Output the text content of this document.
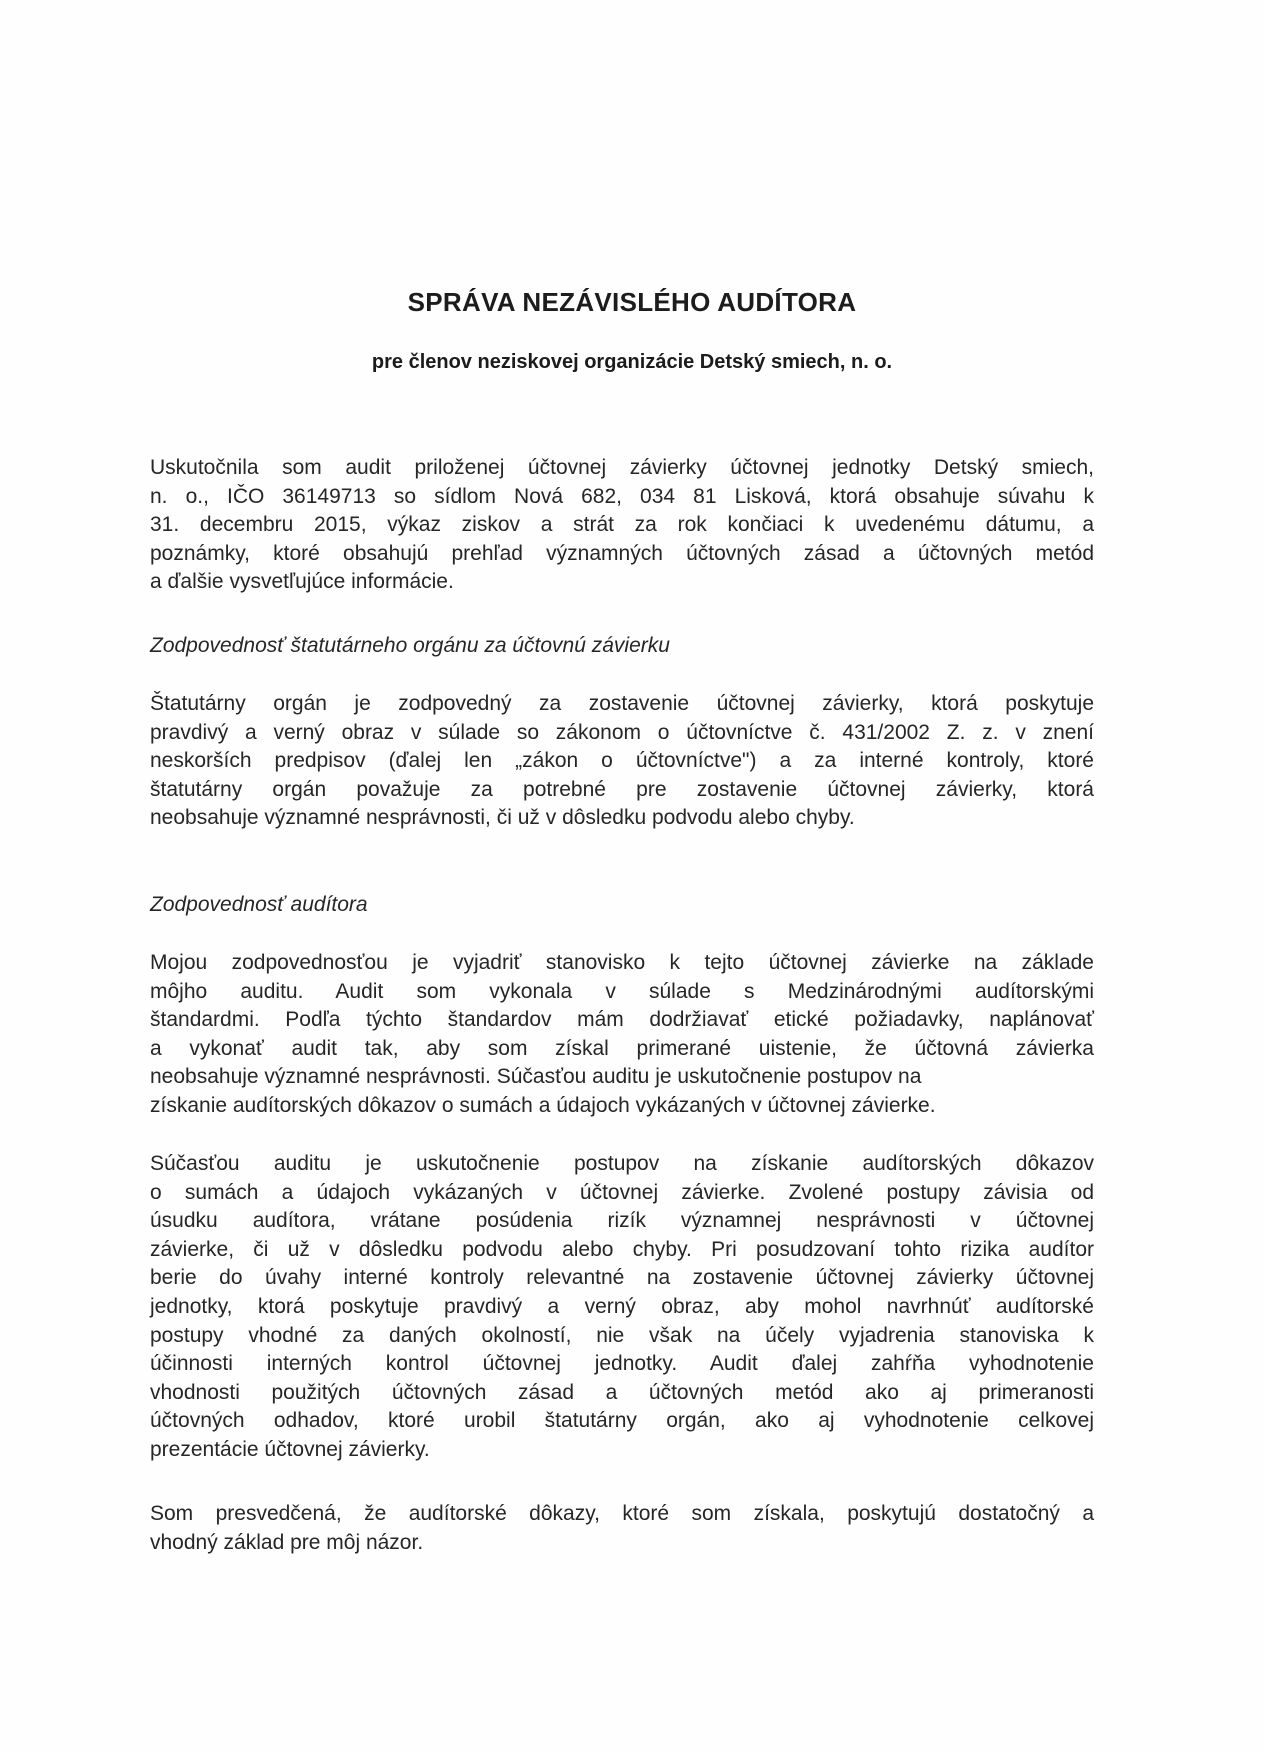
SPRÁVA NEZÁVISLÉHO AUDÍTORA
pre členov neziskovej organizácie Detský smiech, n. o.
Uskutočnila som audit priloženej účtovnej závierky účtovnej jednotky Detský smiech,
n. o., IČO 36149713 so sídlom Nová 682, 034 81 Lisková, ktorá obsahuje súvahu k
31. decembru 2015, výkaz ziskov a strát za rok končiaci k uvedenému dátumu, a
poznámky, ktoré obsahujú prehľad významných účtovných zásad a účtovných metód
a ďalšie vysvetľujúce informácie.
Zodpovednosť štatutárneho orgánu za účtovnú závierku
Štatutárny orgán je zodpovedný za zostavenie účtovnej závierky, ktorá poskytuje
pravdivý a verný obraz v súlade so zákonom o účtovníctve č. 431/2002 Z. z. v znení
neskorších predpisov (ďalej len „zákon o účtovníctve") a za interné kontroly, ktoré
štatutárny orgán považuje za potrebné pre zostavenie účtovnej závierky, ktorá
neobsahuje významné nesprávnosti, či už v dôsledku podvodu alebo chyby.
Zodpovednosť audítora
Mojou zodpovednosťou je vyjadriť stanovisko k tejto účtovnej závierke na základe
môjho auditu. Audit som vykonala v súlade s Medzinárodnými audítorskými
štandardmi. Podľa týchto štandardov mám dodržiavať etické požiadavky, naplánovať
a vykonať audit tak, aby som získal primerané uistenie, že účtovná závierka
neobsahuje významné nesprávnosti. Súčasťou auditu je uskutočnenie postupov na
získanie audítorských dôkazov o sumách a údajoch vykázaných v účtovnej závierke.
Súčasťou auditu je uskutočnenie postupov na získanie audítorských dôkazov
o sumách a údajoch vykázaných v účtovnej závierke. Zvolené postupy závisia od
úsudku audítora, vrátane posúdenia rizík významnej nesprávnosti v účtovnej
závierke, či už v dôsledku podvodu alebo chyby. Pri posudzovaní tohto rizika audítor
berie do úvahy interné kontroly relevantné na zostavenie účtovnej závierky účtovnej
jednotky, ktorá poskytuje pravdivý a verný obraz, aby mohol navrhnúť audítorské
postupy vhodné za daných okolností, nie však na účely vyjadrenia stanoviska k
účinnosti interných kontrol účtovnej jednotky. Audit ďalej zahŕňa vyhodnotenie
vhodnosti použitých účtovných zásad a účtovných metód ako aj primeranosti
účtovných odhadov, ktoré urobil štatutárny orgán, ako aj vyhodnotenie celkovej
prezentácie účtovnej závierky.
Som presvedčená, že audítorské dôkazy, ktoré som získala, poskytujú dostatočný a
vhodný základ pre môj názor.
